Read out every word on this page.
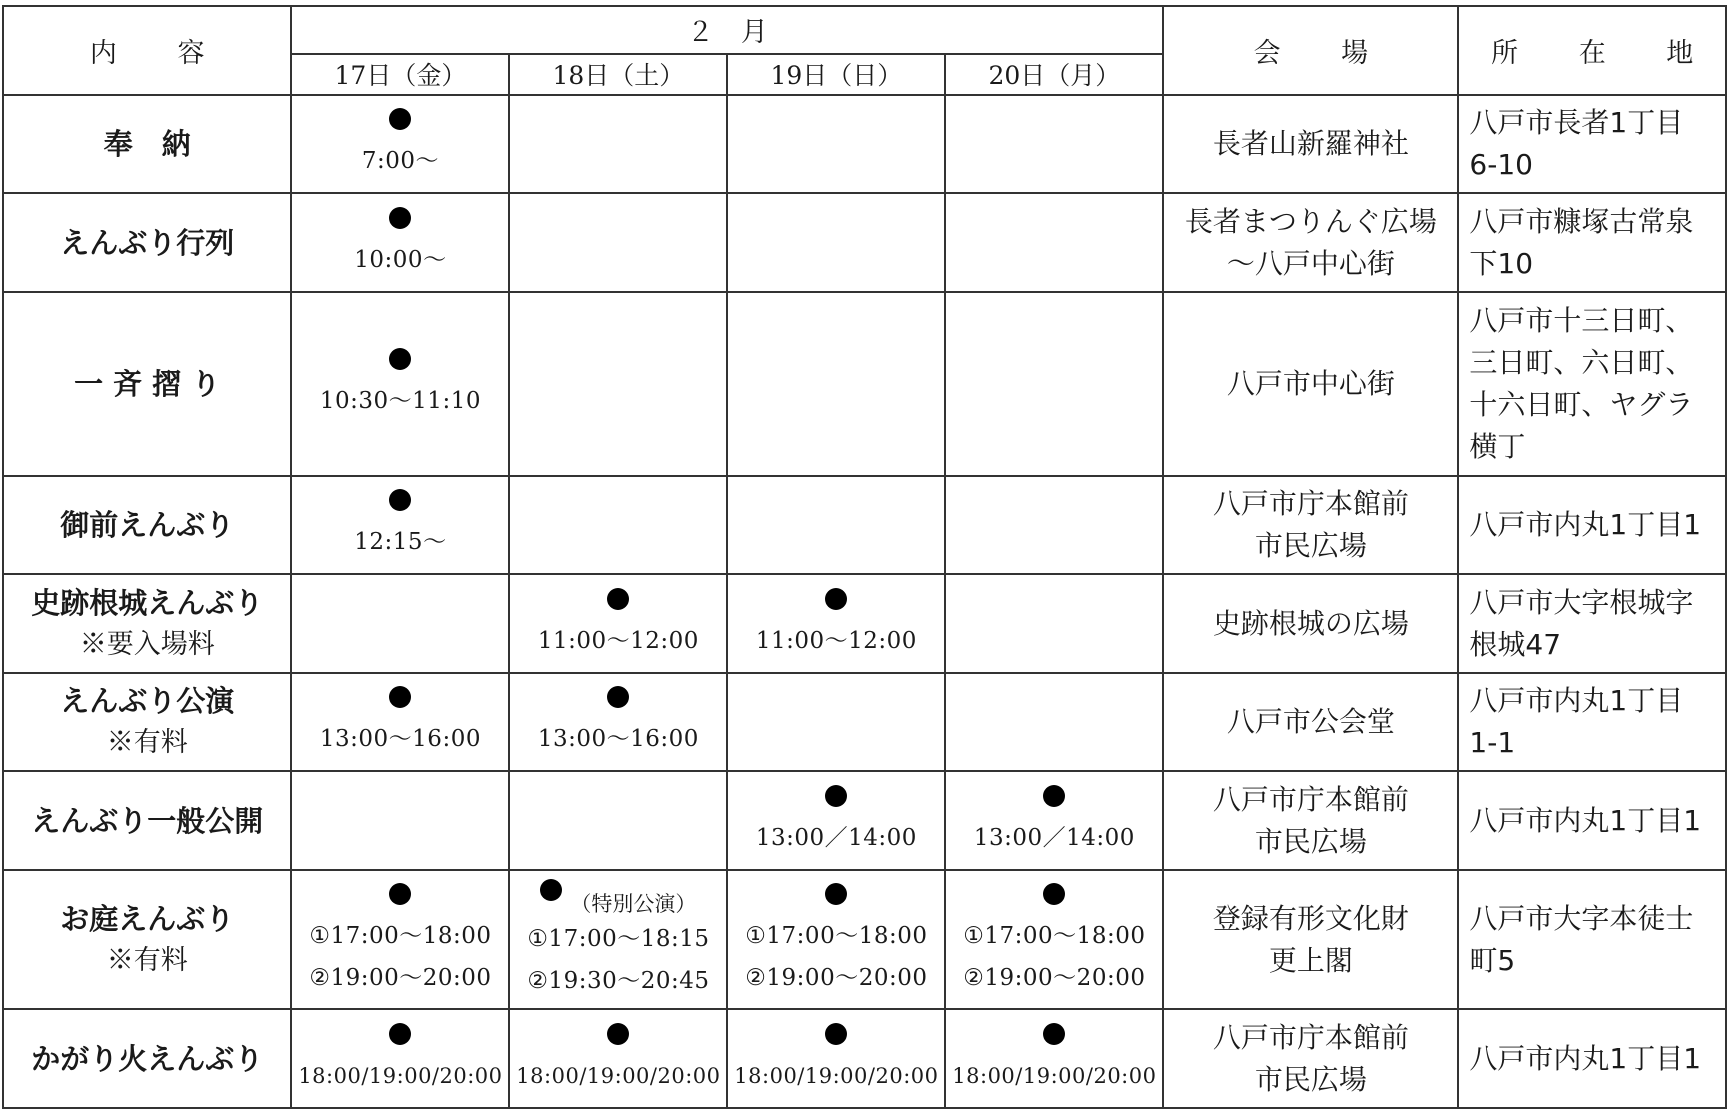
内 容	２　月				会 場	所 在 地
	17日（金）	18日（土）	19日（日）	20日（月）		

奉　納	7:00～				長者山新羅神社	八戸市長者1丁目
6-10

えんぶり行列	10:00～				長者まつりんぐ広場
～八戸中心街	八戸市糠塚古常泉
下10

一 斉 摺 り	10:30～11:10				八戸市中心街	八戸市十三日町、
三日町、六日町、
十六日町、ヤグラ
横丁

御前えんぶり	12:15～				八戸市庁本館前
市民広場	八戸市内丸1丁目1

史跡根城えんぶり
※要入場料		11:00～12:00	11:00～12:00		史跡根城の広場	八戸市大字根城字
根城47

えんぶり公演
※有料	13:00～16:00	13:00～16:00			八戸市公会堂	八戸市内丸1丁目
1-1

えんぶり一般公開			13:00／14:00	13:00／14:00	八戸市庁本館前
市民広場	八戸市内丸1丁目1

お庭えんぶり
※有料	①17:00～18:00
②19:00～20:00	（特別公演）
①17:00～18:15
②19:30～20:45	①17:00～18:00
②19:00～20:00	①17:00～18:00
②19:00～20:00	登録有形文化財
更上閣	八戸市大字本徒士
町5

かがり火えんぶり	18:00/19:00/20:00	18:00/19:00/20:00	18:00/19:00/20:00	18:00/19:00/20:00	八戸市庁本館前
市民広場	八戸市内丸1丁目1
